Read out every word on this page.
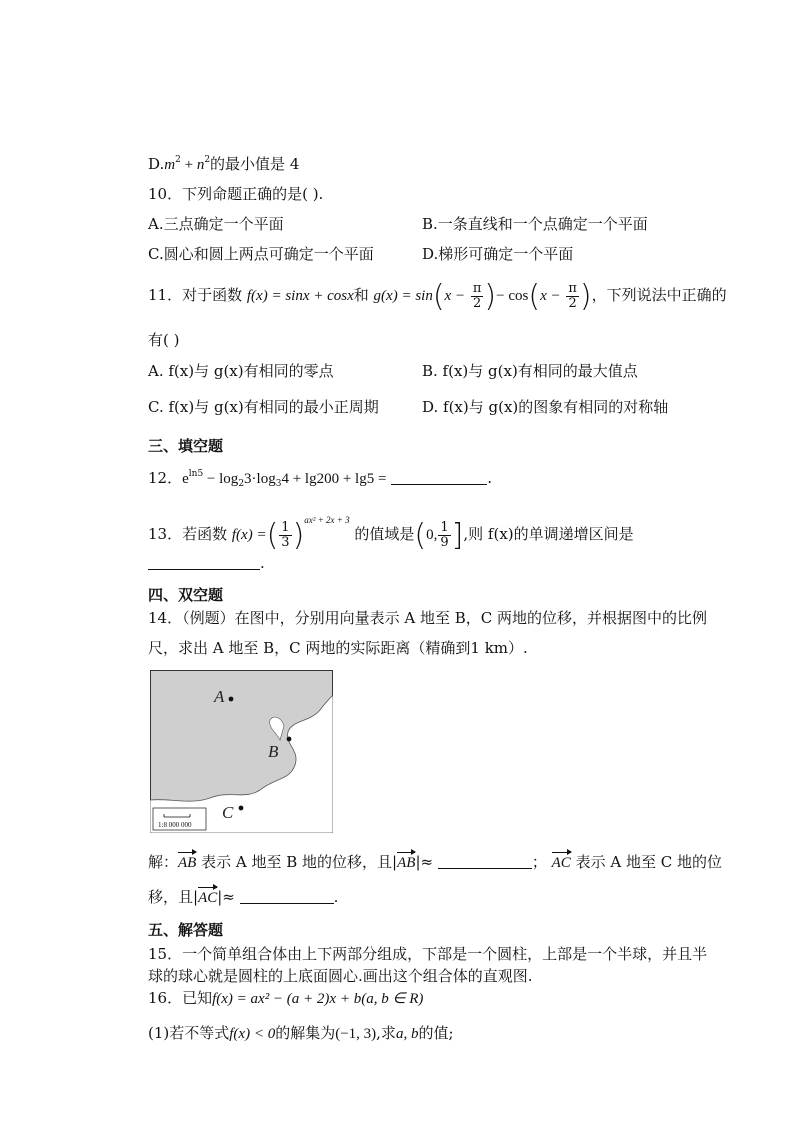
$D.m^2 + n^2$的最小值是 4
10．下列命题正确的是( ).
A.三点确定一个平面	B.一条直线和一个点确定一个平面
C.圆心和圆上两点可确定一个平面	D.梯形可确定一个平面
11．对于函数 f(x) = sinx + cosx和 $g(x) = \sin(x - \frac{\pi}{2}$ )− $\cos(x - \frac{\pi}{2}$ )，下列说法中正确的
有( )
A. f(x)与 g(x)有相同的零点	B. f(x)与 g(x)有相同的最大值点
C. f(x)与 g(x)有相同的最小正周期	D. f(x)与 g(x)的图象有相同的对称轴
三、填空题
12．$e^{ln5} - \log_23\cdot\log_34 + \lg 200 + \lg 5$ =	.
13．若函数 f(x) =( $\frac{1}{3} )^{ax^2 + 2x + 3}$ 的值域是(0, $\frac{1}{9}$ ],则 f(x)的单调递增区间是
.
四、双空题
14．（例题）在图中，分别用向量表示 A 地至 B，C 两地的位移，并根据图中的比例
尺，求出 A 地至 B，C 两地的实际距离（精确到1 km）.
1:8 000 000
A
B
C
解：AB 表示 A 地至 B 地的位移，且|AB|≈	； AC 表示 A 地至 C 地的位
移，且|AC|≈	.
五、解答题
15．一个简单组合体由上下两部分组成，下部是一个圆柱，上部是一个半球，并且半
球的球心就是圆柱的上底面圆心.画出这个组合体的直观图.
16．已知f(x) = ax² − (a + 2)x + b(a, b ∈ R)
(1)若不等式f(x) < 0的解集为(−1, 3),求a, b的值;
